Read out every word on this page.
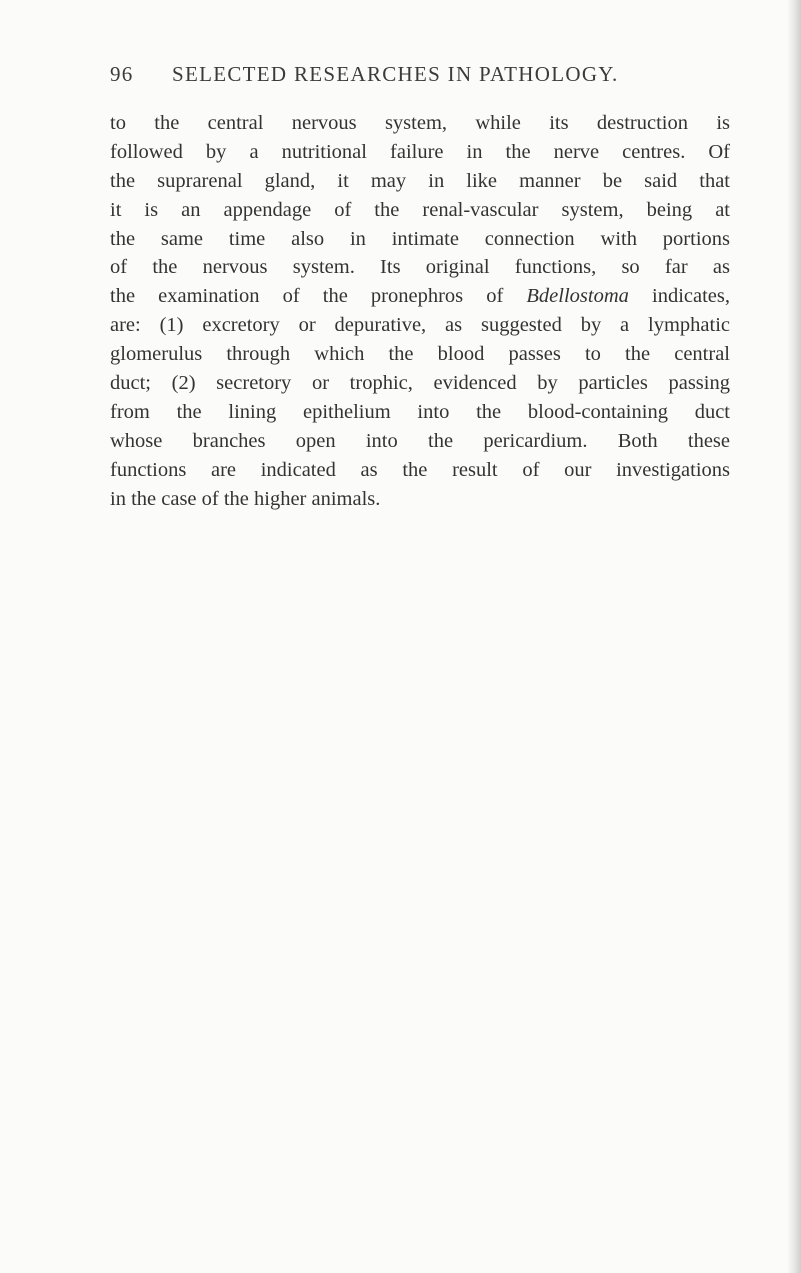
96 SELECTED RESEARCHES IN PATHOLOGY.
to the central nervous system, while its destruction is
followed by a nutritional failure in the nerve centres. Of
the suprarenal gland, it may in like manner be said that
it is an appendage of the renal-vascular system, being at
the same time also in intimate connection with portions
of the nervous system. Its original functions, so far as
the examination of the pronephros of Bdellostoma indicates,
are: (1) excretory or depurative, as suggested by a lymphatic
glomerulus through which the blood passes to the central
duct; (2) secretory or trophic, evidenced by particles passing
from the lining epithelium into the blood-containing duct
whose branches open into the pericardium. Both these
functions are indicated as the result of our investigations
in the case of the higher animals.
